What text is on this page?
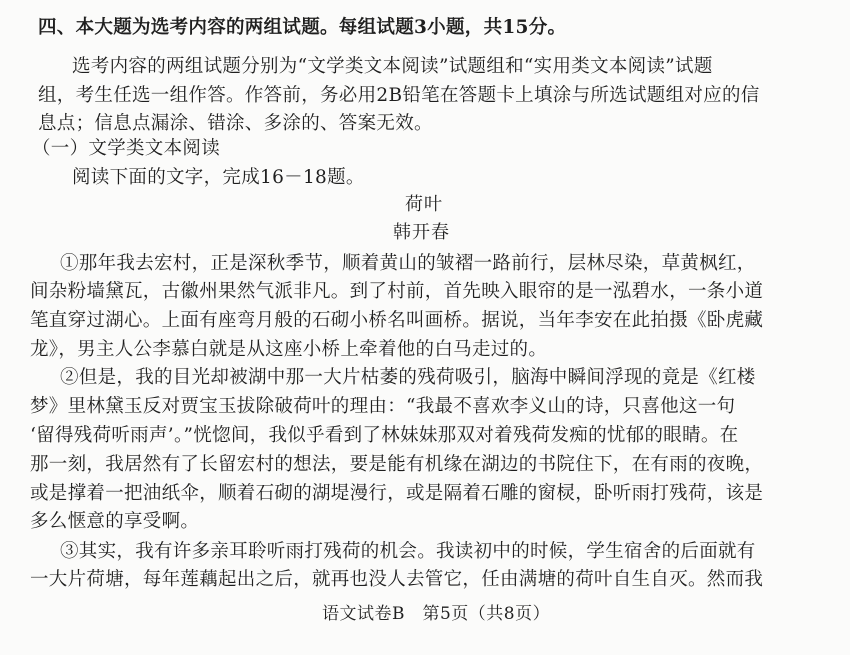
四、本大题为选考内容的两组试题。每组试题3小题，共15分。
选考内容的两组试题分别为“文学类文本阅读”试题组和“实用类文本阅读”试题
组，考生任选一组作答。作答前，务必用2B铅笔在答题卡上填涂与所选试题组对应的信
息点；信息点漏涂、错涂、多涂的、答案无效。
（一）文学类文本阅读
阅读下面的文字，完成16－18题。
荷叶
韩开春
①那年我去宏村，正是深秋季节，顺着黄山的皱褶一路前行，层林尽染，草黄枫红，
间杂粉墙黛瓦，古徽州果然气派非凡。到了村前，首先映入眼帘的是一泓碧水，一条小道
笔直穿过湖心。上面有座弯月般的石砌小桥名叫画桥。据说，当年李安在此拍摄《卧虎藏
龙》，男主人公李慕白就是从这座小桥上牵着他的白马走过的。
②但是，我的目光却被湖中那一大片枯萎的残荷吸引，脑海中瞬间浮现的竟是《红楼
梦》里林黛玉反对贾宝玉拔除破荷叶的理由：“我最不喜欢李义山的诗，只喜他这一句
‘留得残荷听雨声’。”恍惚间，我似乎看到了林妹妹那双对着残荷发痴的忧郁的眼睛。在
那一刻，我居然有了长留宏村的想法，要是能有机缘在湖边的书院住下，在有雨的夜晚，
或是撑着一把油纸伞，顺着石砌的湖堤漫行，或是隔着石雕的窗棂，卧听雨打残荷，该是
多么惬意的享受啊。
③其实，我有许多亲耳聆听雨打残荷的机会。我读初中的时候，学生宿舍的后面就有
一大片荷塘，每年莲藕起出之后，就再也没人去管它，任由满塘的荷叶自生自灭。然而我
语文试卷B　第5页（共8页）
